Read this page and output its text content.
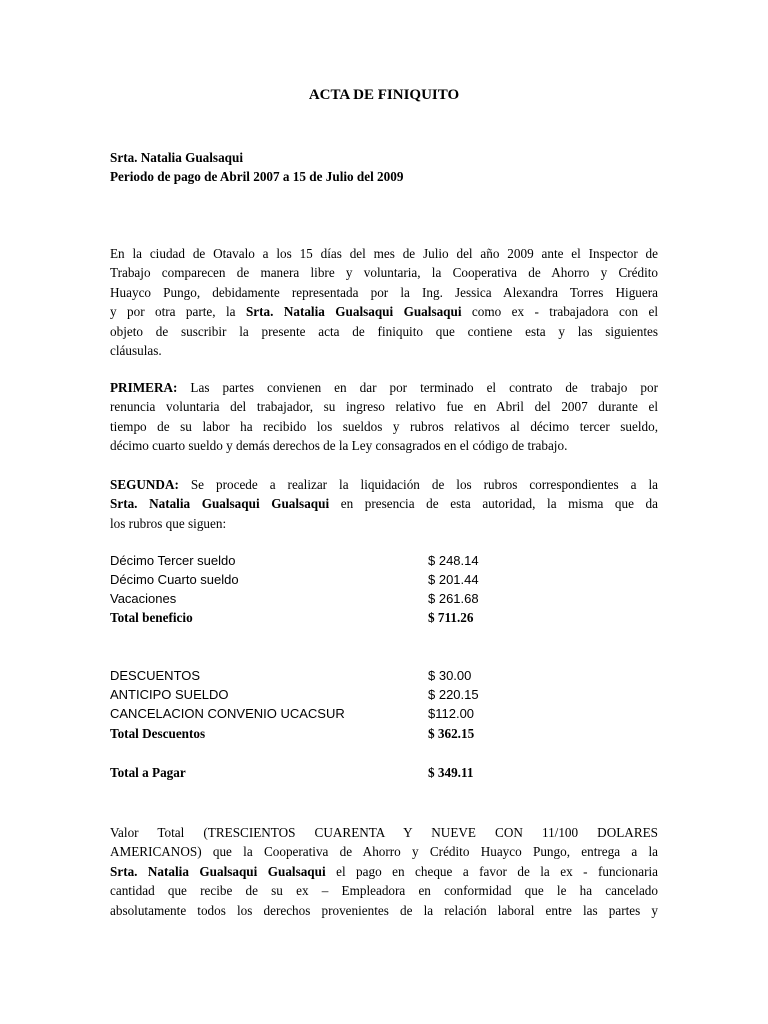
ACTA DE FINIQUITO
Srta. Natalia Gualsaqui
Periodo de pago de Abril 2007 a 15 de Julio del 2009
En la ciudad de Otavalo a los 15 días del mes de Julio del año 2009 ante el Inspector de
Trabajo comparecen de manera libre y voluntaria, la Cooperativa de Ahorro y Crédito
Huayco Pungo, debidamente representada por la Ing. Jessica Alexandra Torres Higuera
y por otra parte, la Srta. Natalia Gualsaqui Gualsaqui como ex - trabajadora con el
objeto de suscribir la presente acta de finiquito que contiene esta y las siguientes
cláusulas.
PRIMERA: Las partes convienen en dar por terminado el contrato de trabajo por
renuncia voluntaria del trabajador, su ingreso relativo fue en Abril del 2007 durante el
tiempo de su labor ha recibido los sueldos y rubros relativos al décimo tercer sueldo,
décimo cuarto sueldo y demás derechos de la Ley consagrados en el código de trabajo.
SEGUNDA: Se procede a realizar la liquidación de los rubros correspondientes a la
Srta. Natalia Gualsaqui Gualsaqui en presencia de esta autoridad, la misma que da
los rubros que siguen:
Décimo Tercer sueldo	$ 248.14
Décimo Cuarto sueldo	$ 201.44
Vacaciones	$ 261.68
Total beneficio	$ 711.26
DESCUENTOS	$ 30.00
ANTICIPO SUELDO	$ 220.15
CANCELACION CONVENIO UCACSUR	$112.00
Total Descuentos	$ 362.15
Total a Pagar	$ 349.11
Valor Total (TRESCIENTOS CUARENTA Y NUEVE CON 11/100 DOLARES
AMERICANOS) que la Cooperativa de Ahorro y Crédito Huayco Pungo, entrega a la
Srta. Natalia Gualsaqui Gualsaqui el pago en cheque a favor de la ex - funcionaria
cantidad que recibe de su ex – Empleadora en conformidad que le ha cancelado
absolutamente todos los derechos provenientes de la relación laboral entre las partes y
